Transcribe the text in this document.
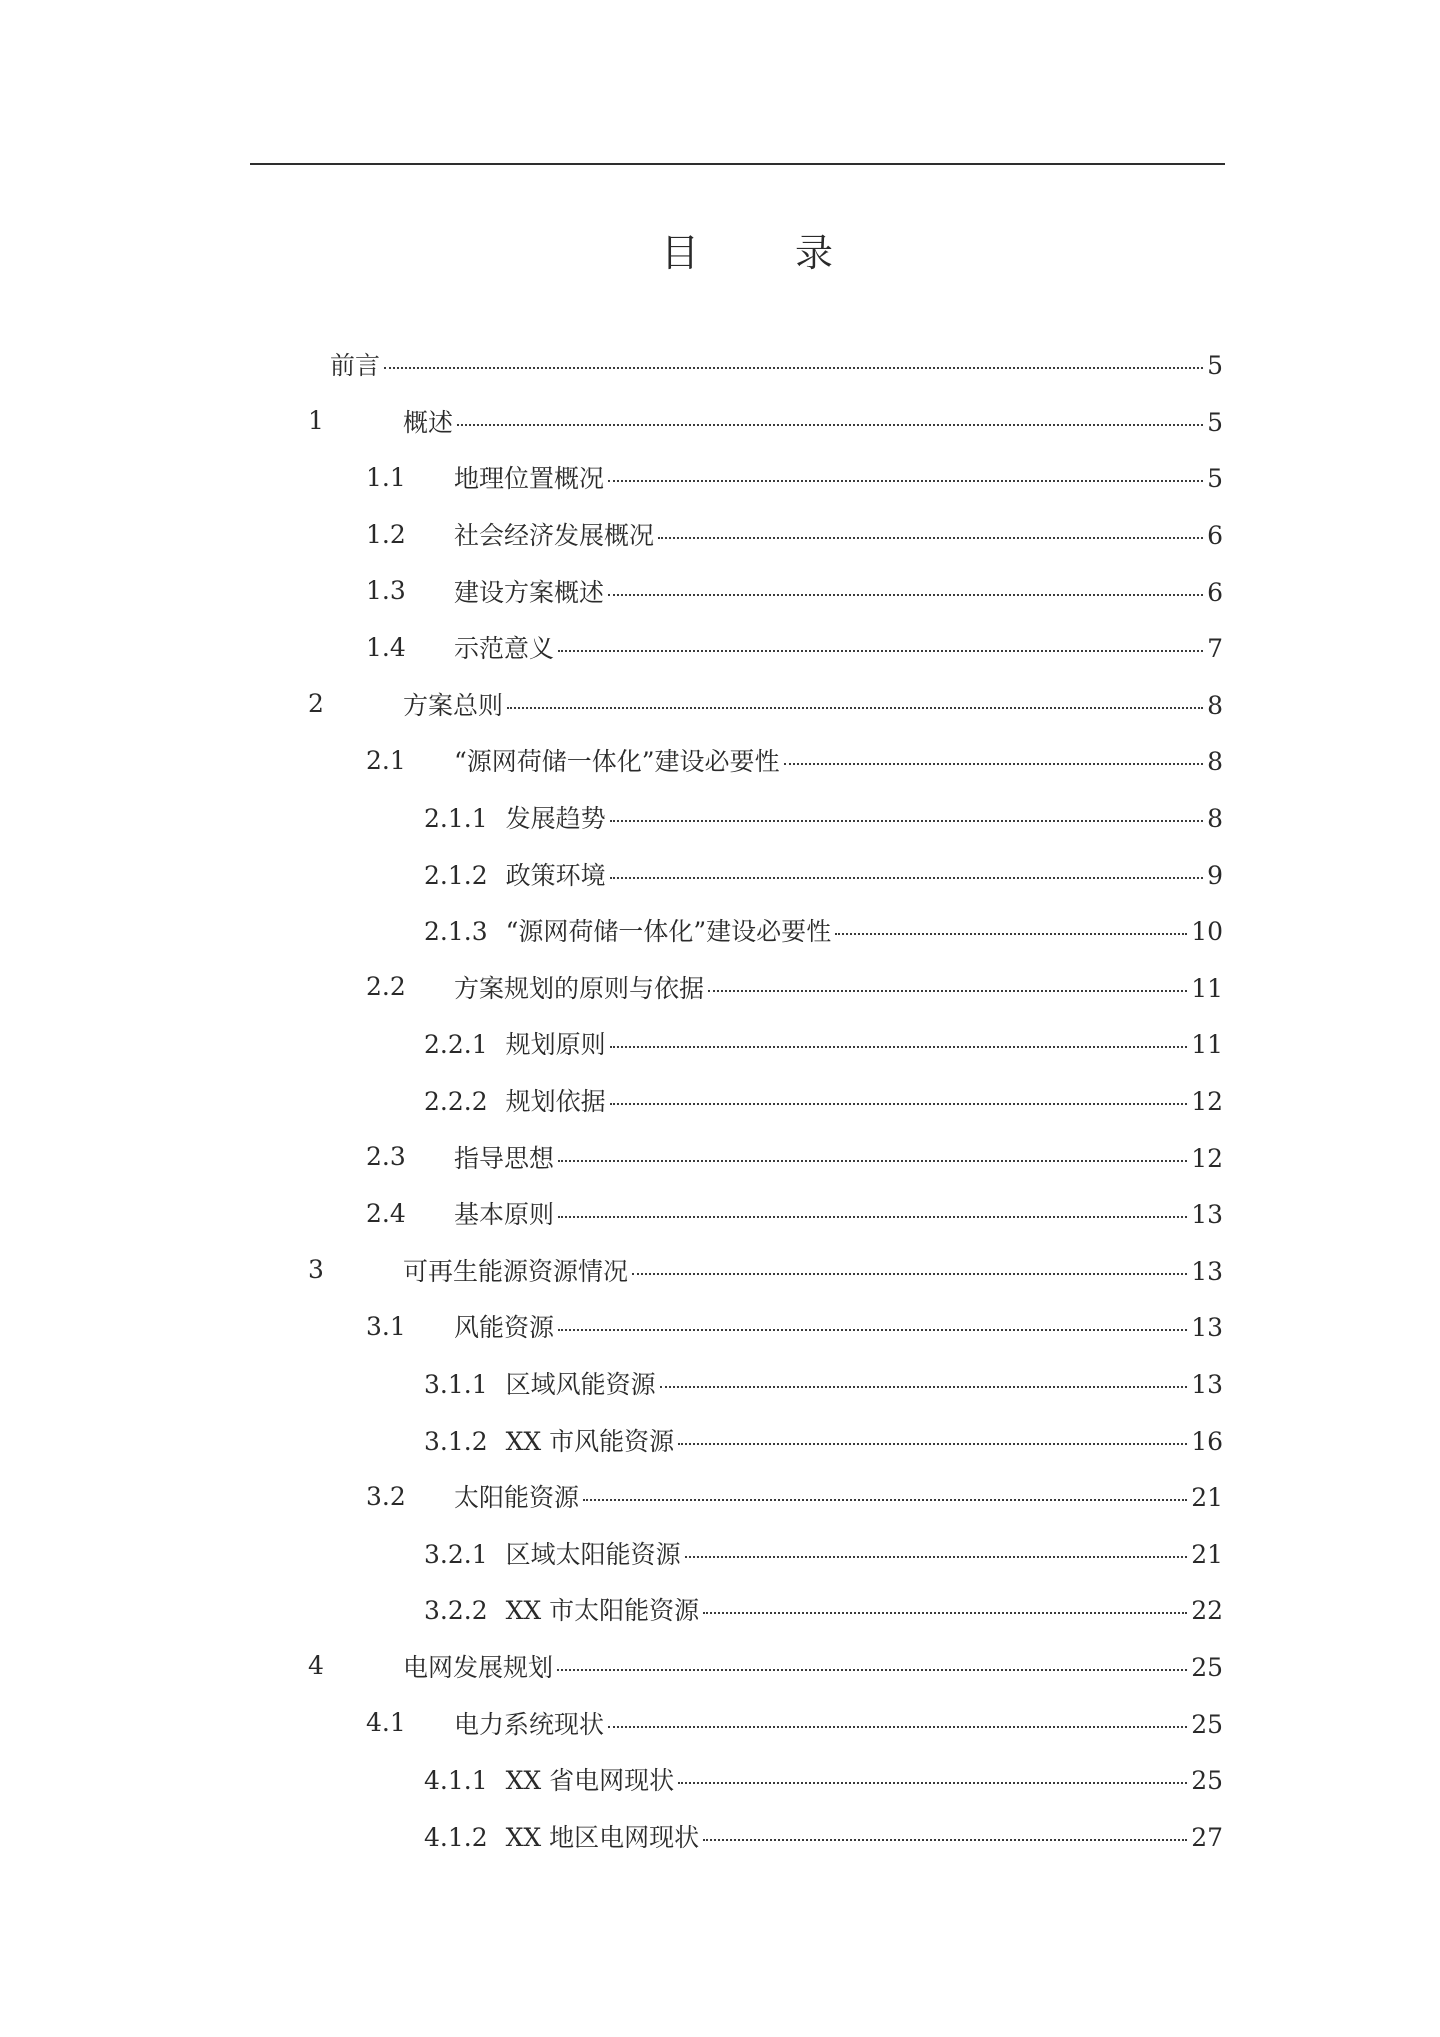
目 录
前言	5
1	概述	5
1.1 地理位置概况	5
1.2 社会经济发展概况	6
1.3 建设方案概述	6
1.4 示范意义	7
2	方案总则	8
2.1 “源网荷储一体化”建设必要性	8
2.1.1 发展趋势	8
2.1.2 政策环境	9
2.1.3 “源网荷储一体化”建设必要性	10
2.2 方案规划的原则与依据	11
2.2.1 规划原则	11
2.2.2 规划依据	12
2.3 指导思想	12
2.4 基本原则	13
3	可再生能源资源情况	13
3.1 风能资源	13
3.1.1 区域风能资源	13
3.1.2 XX 市风能资源	16
3.2 太阳能资源	21
3.2.1 区域太阳能资源	21
3.2.2 XX 市太阳能资源	22
4	电网发展规划	25
4.1 电力系统现状	25
4.1.1 XX 省电网现状	25
4.1.2 XX 地区电网现状	27
